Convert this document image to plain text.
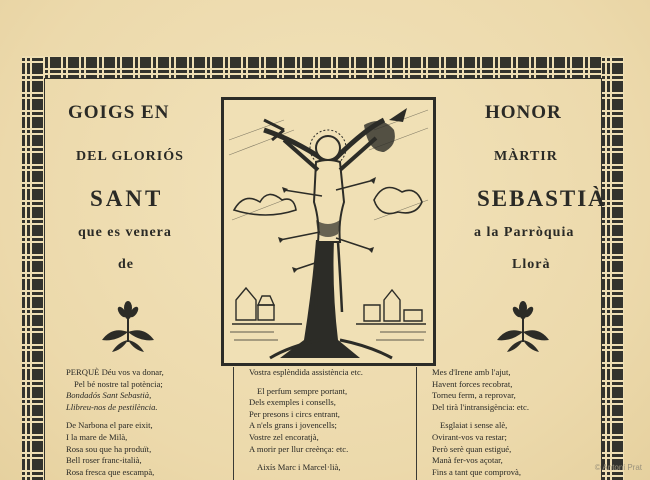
GOIGS EN	HONOR
DEL GLORIÓS	MÀRTIR
SANT	SEBASTIÀ
que es venera	a la Parròquia
de	Llorà

PERQUÈ Déu vos va donar,

Pel bé nostre tal potència;

Bondadós Sant Sebastià,

Llibreu-nos de pestilència.

De Narbona el pare eixit,

I la mare de Milà,

Rosa sou que ha produït,

Bell roser franc-italià,

Rosa fresca que escampà,

Vostra esplèndida assistència etc.

El perfum sempre portant,

Dels exemples i consells,

Per presons i circs entrant,

A n'els grans i jovencells;

Vostre zel encoratjà,

A morir per llur creènça: etc.

Aixís Marc i Marcel·lià,

Mes d'Irene amb l'ajut,

Havent forces recobrat,

Torneu ferm, a reprovar,

Del tirà l'intransigència: etc.

Esglaiat i sense alè,

Ovirant-vos va restar;

Però serè quan estigué,

Manà fer-vos açotar,

Fins a tant que comprovà,	© Antoni Prat
